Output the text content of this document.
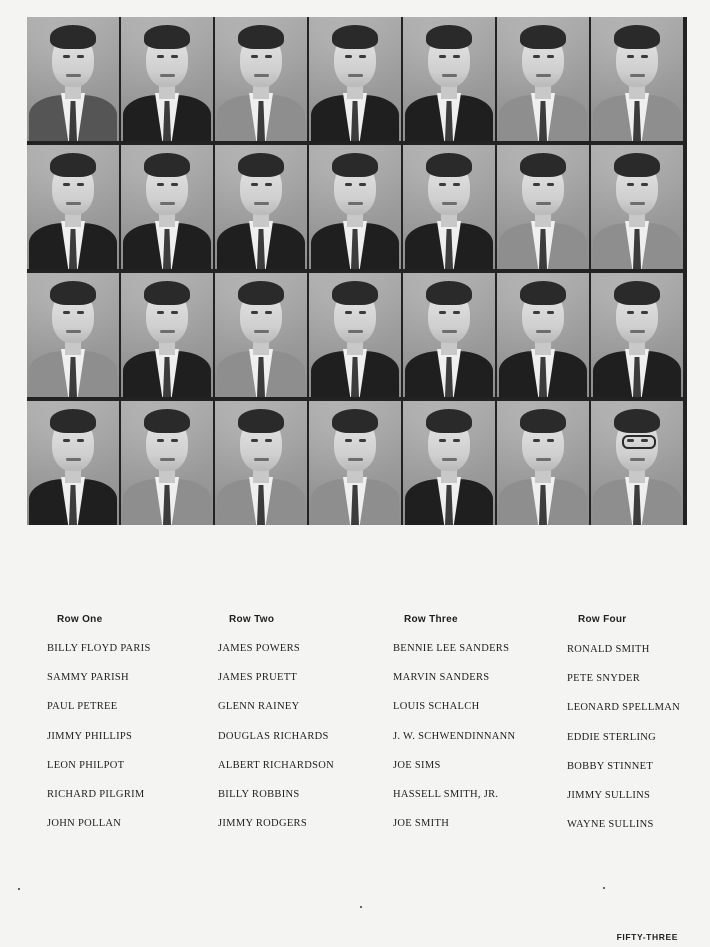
Row One
BILLY FLOYD PARIS
SAMMY PARISH
PAUL PETREE
JIMMY PHILLIPS
LEON PHILPOT
RICHARD PILGRIM
JOHN POLLAN
Row Two
JAMES POWERS
JAMES PRUETT
GLENN RAINEY
DOUGLAS RICHARDS
ALBERT RICHARDSON
BILLY ROBBINS
JIMMY RODGERS
Row Three
BENNIE LEE SANDERS
MARVIN SANDERS
LOUIS SCHALCH
J. W. SCHWENDINNANN
JOE SIMS
HASSELL SMITH, JR.
JOE SMITH
Row Four
RONALD SMITH
PETE SNYDER
LEONARD SPELLMAN
EDDIE STERLING
BOBBY STINNET
JIMMY SULLINS
WAYNE SULLINS
FIFTY-THREE
